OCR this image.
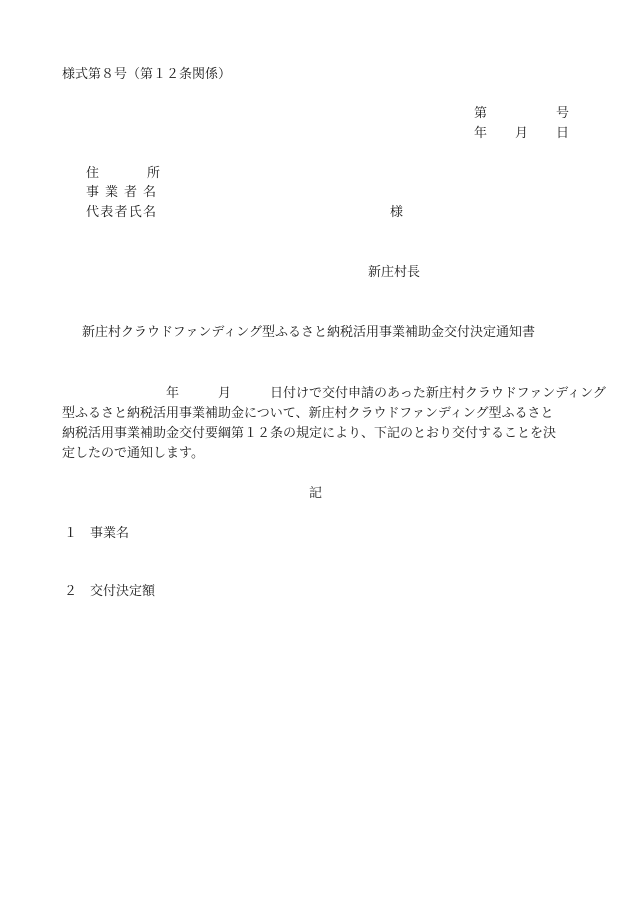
様式第８号（第１２条関係）
第	号
年 月 日
住	所
事 業 者 名
代 表 者 氏 名	様
新庄村長
新庄村クラウドファンディング型ふるさと納税活用事業補助金交付決定通知書
　　　　　　　　年　　　月　　　日付けで交付申請のあった新庄村クラウドファンディング
型ふるさと納税活用事業補助金について、新庄村クラウドファンディング型ふるさと
納税活用事業補助金交付要綱第１２条の規定により、下記のとおり交付することを決
定したので通知します。
記
１ 事業名
２ 交付決定額
